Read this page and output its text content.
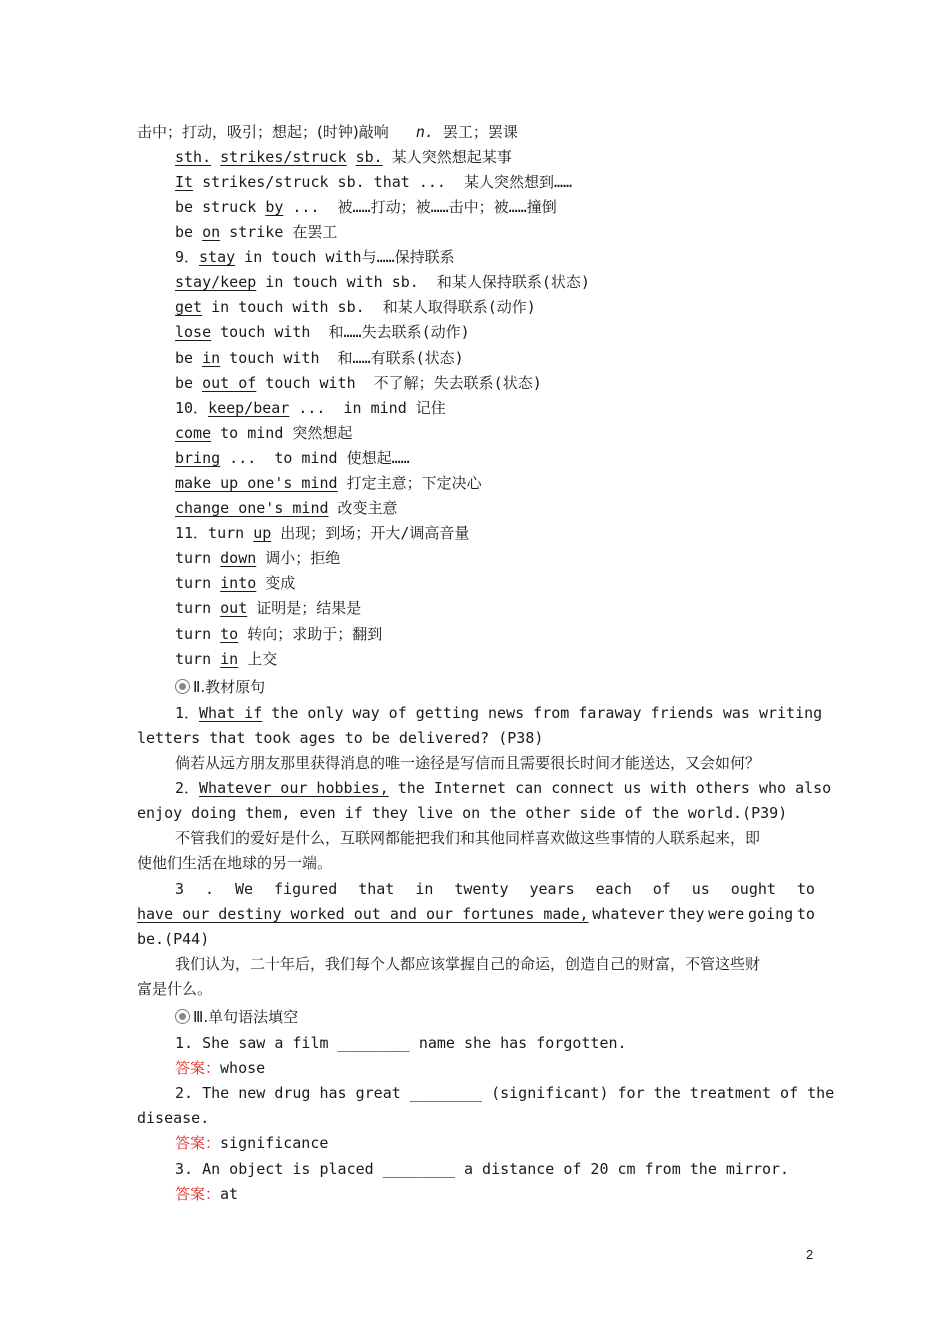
击中；打动，吸引；想起；(时钟)敲响 n. 罢工；罢课
sth. strikes/struck sb. 某人突然想起某事
It strikes/struck sb. that ...  某人突然想到……
be struck by ...  被……打动；被……击中；被……撞倒
be on strike 在罢工
9．stay in touch with与……保持联系
stay/keep in touch with sb.  和某人保持联系(状态)
get in touch with sb.  和某人取得联系(动作)
lose touch with  和……失去联系(动作)
be in touch with  和……有联系(状态)
be out of touch with  不了解；失去联系(状态)
10．keep/bear ...  in mind 记住
come to mind 突然想起
bring ...  to mind 使想起……
make up one's mind 打定主意；下定决心
change one's mind 改变主意
11．turn up 出现；到场；开大/调高音量
turn down 调小；拒绝
turn into 变成
turn out 证明是；结果是
turn to 转向；求助于；翻到
turn in 上交
Ⅱ.教材原句
1．What if the only way of getting news from faraway friends was writing
letters that took ages to be delivered? (P38)
倘若从远方朋友那里获得消息的唯一途径是写信而且需要很长时间才能送达，又会如何？
2．Whatever our hobbies, the Internet can connect us with others who also
enjoy doing them, even if they live on the other side of the world.(P39)
不管我们的爱好是什么，互联网都能把我们和其他同样喜欢做这些事情的人联系起来，即
使他们生活在地球的另一端。
3 . We figured that in twenty years each of us ought to
have our destiny worked out and our fortunes made, whatever they were going to
be.(P44)
我们认为，二十年后，我们每个人都应该掌握自己的命运，创造自己的财富，不管这些财
富是什么。
Ⅲ.单句语法填空
1. She saw a film ________ name she has forgotten.
答案：whose
2. The new drug has great ________ (significant) for the treatment of the
disease.
答案：significance
3. An object is placed ________ a distance of 20 cm from the mirror.
答案：at
2
